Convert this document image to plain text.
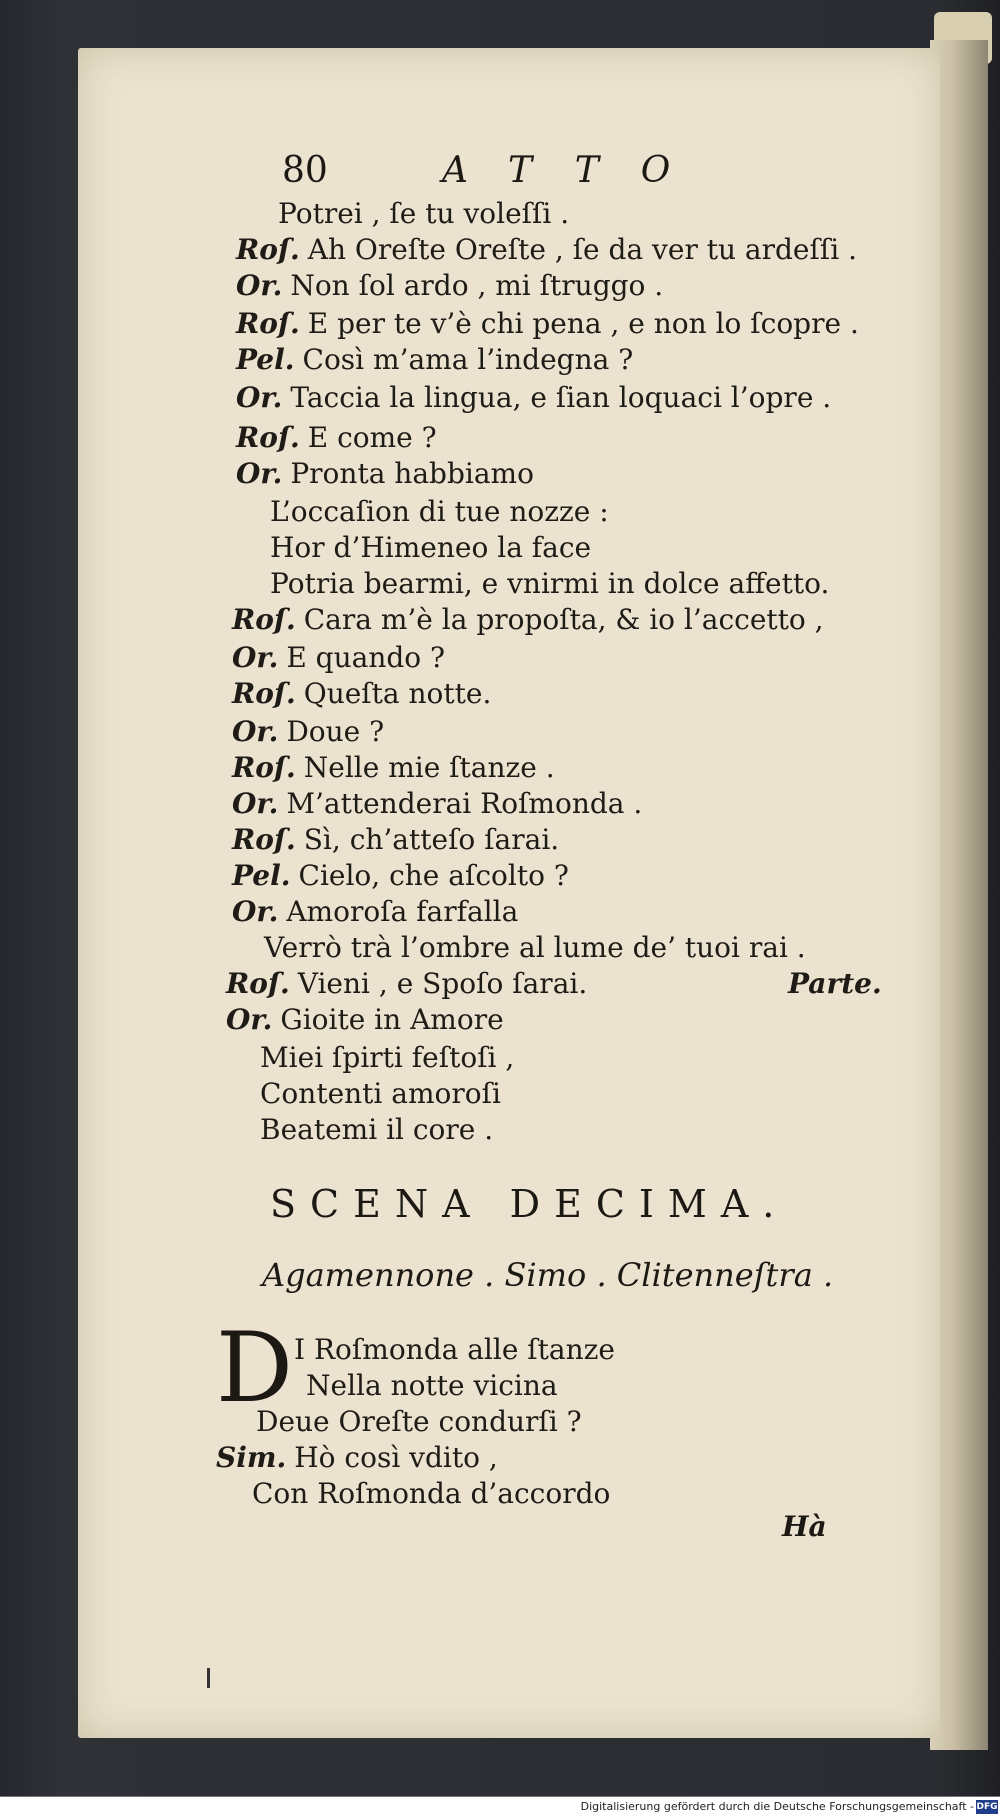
80	ATTO
Potrei , ſe tu voleſſi .
Roſ. Ah Oreſte Oreſte , ſe da ver tu ardeſſi .
Or. Non ſol ardo , mi ſtruggo .
Roſ. E per te v’è chi pena , e non lo ſcopre .
Pel. Così m’ama l’indegna ?
Or. Taccia la lingua, e ſian loquaci l’opre .
Roſ. E come ?
Or. Pronta habbiamo
L’occaſion di tue nozze :
Hor d’Himeneo la face
Potria bearmi, e vnirmi in dolce affetto.
Roſ. Cara m’è la propoſta, & io l’accetto ,
Or. E quando ?
Roſ. Queſta notte.
Or. Doue ?
Roſ. Nelle mie ſtanze .
Or. M’attenderai Roſmonda .
Roſ. Sì, ch’atteſo ſarai.
Pel. Cielo, che aſcolto ?
Or. Amoroſa farfalla
Verrò trà l’ombre al lume de’ tuoi rai .
Roſ. Vieni , e Spoſo ſarai.	Parte.
Or. Gioite in Amore
Miei ſpirti feſtoſi ,
Contenti amoroſi
Beatemi il core .
SCENA DECIMA.
Agamennone . Simo . Clitenneſtra .
D I Roſmonda alle ſtanze
Nella notte vicina
Deue Oreſte condurſi ?
Sim. Hò così vdito ,
Con Roſmonda d’accordo
Hà
Digitalisierung gefördert durch die Deutsche Forschungsgemeinschaft - DFG
